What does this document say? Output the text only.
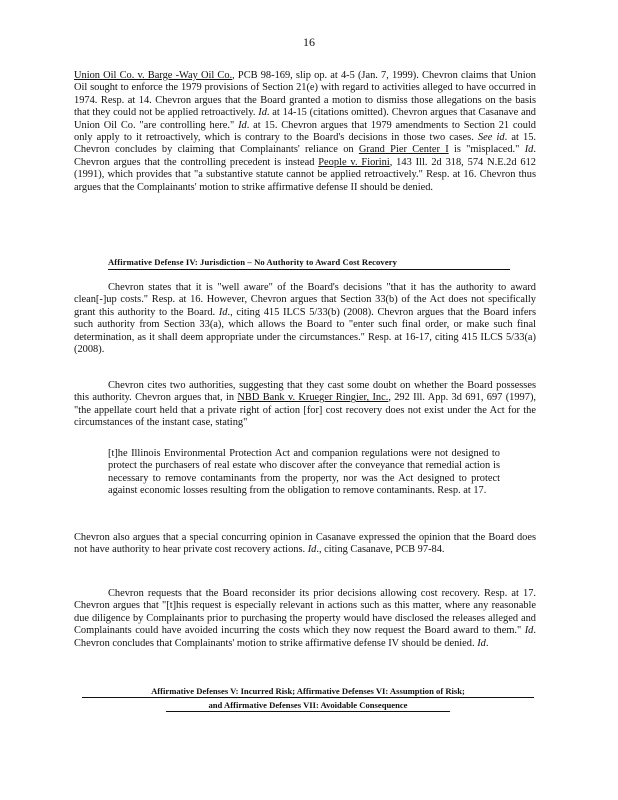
16

Union Oil Co. v. Barge -Way Oil Co., PCB 98-169, slip op. at 4-5 (Jan. 7, 1999). Chevron claims that Union Oil sought to enforce the 1979 provisions of Section 21(e) with regard to activities alleged to have occurred in 1974. Resp. at 14. Chevron argues that the Board granted a motion to dismiss those allegations on the basis that they could not be applied retroactively. Id. at 14-15 (citations omitted). Chevron argues that Casanave and Union Oil Co. "are controlling here." Id. at 15. Chevron argues that 1979 amendments to Section 21 could only apply to it retroactively, which is contrary to the Board's decisions in those two cases. See id. at 15. Chevron concludes by claiming that Complainants' reliance on Grand Pier Center I is "misplaced." Id. Chevron argues that the controlling precedent is instead People v. Fiorini, 143 Ill. 2d 318, 574 N.E.2d 612 (1991), which provides that "a substantive statute cannot be applied retroactively." Resp. at 16. Chevron thus argues that the Complainants' motion to strike affirmative defense II should be denied.

Affirmative Defense IV: Jurisdiction – No Authority to Award Cost Recovery

Chevron states that it is "well aware" of the Board's decisions "that it has the authority to award clean[-]up costs." Resp. at 16. However, Chevron argues that Section 33(b) of the Act does not specifically grant this authority to the Board. Id., citing 415 ILCS 5/33(b) (2008). Chevron argues that the Board infers such authority from Section 33(a), which allows the Board to "enter such final order, or make such final determination, as it shall deem appropriate under the circumstances." Resp. at 16-17, citing 415 ILCS 5/33(a) (2008).

Chevron cites two authorities, suggesting that they cast some doubt on whether the Board possesses this authority. Chevron argues that, in NBD Bank v. Krueger Ringier, Inc., 292 Ill. App. 3d 691, 697 (1997), "the appellate court held that a private right of action [for] cost recovery does not exist under the Act for the circumstances of the instant case, stating"

[t]he Illinois Environmental Protection Act and companion regulations were not designed to protect the purchasers of real estate who discover after the conveyance that remedial action is necessary to remove contaminants from the property, nor was the Act designed to protect against economic losses resulting from the obligation to remove contaminants. Resp. at 17.

Chevron also argues that a special concurring opinion in Casanave expressed the opinion that the Board does not have authority to hear private cost recovery actions. Id., citing Casanave, PCB 97-84.

Chevron requests that the Board reconsider its prior decisions allowing cost recovery. Resp. at 17. Chevron argues that "[t]his request is especially relevant in actions such as this matter, where any reasonable due diligence by Complainants prior to purchasing the property would have disclosed the releases alleged and Complainants could have avoided incurring the costs which they now request the Board award to them." Id. Chevron concludes that Complainants' motion to strike affirmative defense IV should be denied. Id.

Affirmative Defenses V: Incurred Risk; Affirmative Defenses VI: Assumption of Risk;
and Affirmative Defenses VII: Avoidable Consequence
